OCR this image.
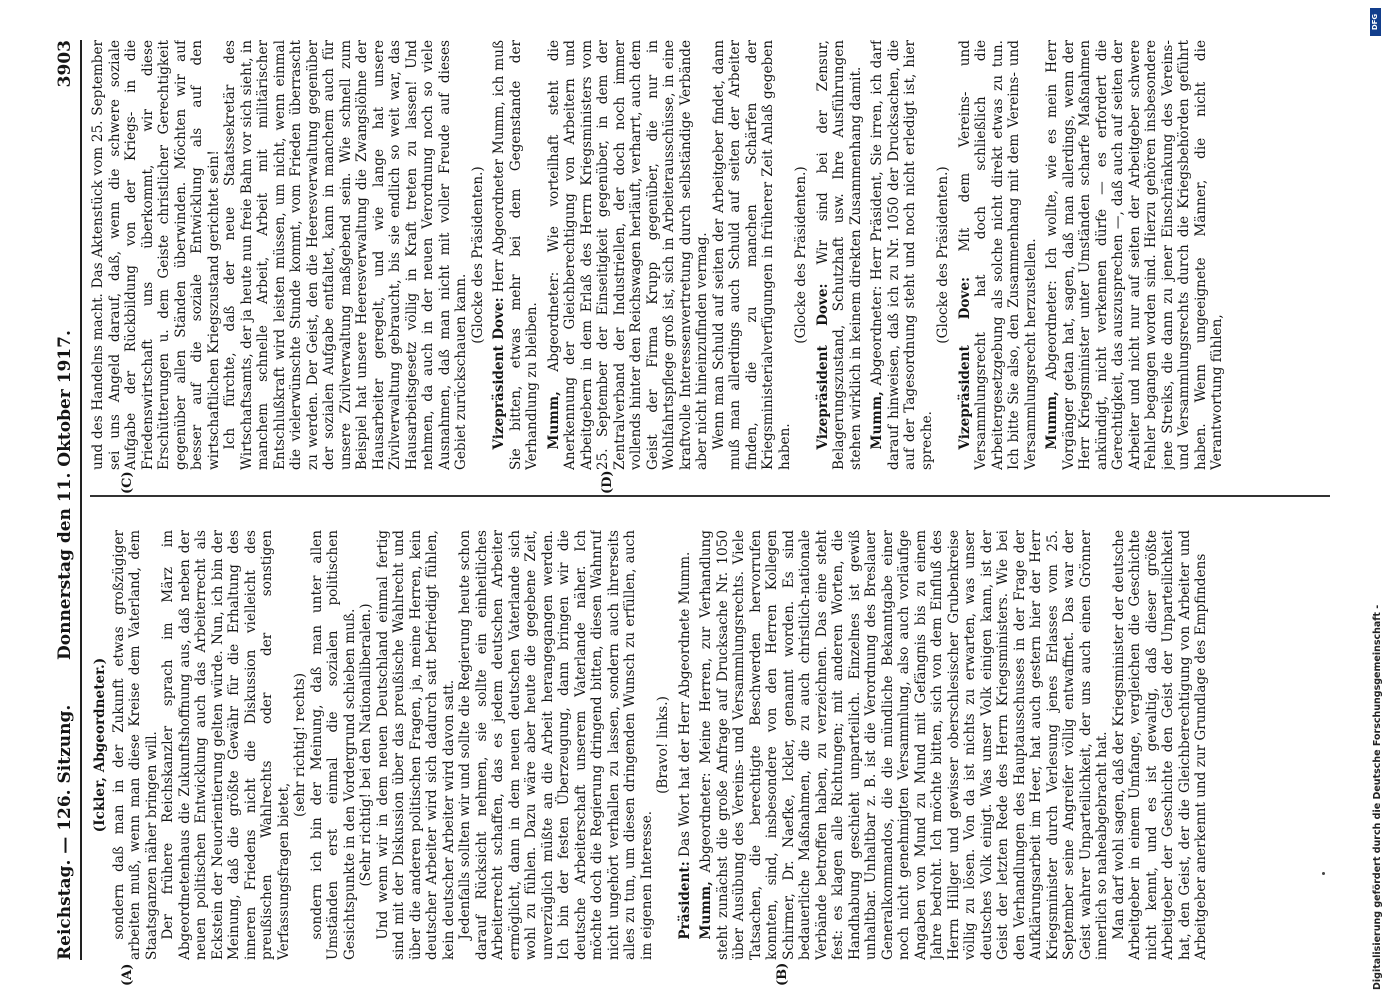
Reichstag. — 126. Sitzung.
Donnerstag den 11. Oktober 1917.
3903
(A)	(B)
(C)	(D)

(Ickler, Abgeordneter.) sondern daß man in der Zukunft etwas großzügiger arbeiten muß, wenn man diese Kreise dem Vaterland, dem Staatsganzen näher bringen will. Der frühere Reichskanzler sprach im März im Abgeordnetenhaus die Zukunftshoffnung aus, daß neben der neuen politischen Entwicklung auch das Arbeiterrecht als Eckstein der Neuorientierung gelten würde. Nun, ich bin der Meinung, daß die größte Gewähr für die Erhaltung des inneren Friedens nicht die Diskussion vielleicht des preußischen Wahlrechts oder der sonstigen Verfassungsfragen bietet,

(sehr richtig! rechts) sondern ich bin der Meinung, daß man unter allen Umständen erst einmal die sozialen politischen Gesichtspunkte in den Vordergrund schieben muß. (Sehr richtig! bei den Nationalliberalen.) Und wenn wir in dem neuen Deutschland einmal fertig sind mit der Diskussion über das preußische Wahlrecht und über die anderen politischen Fragen, ja, meine Herren, kein deutscher Arbeiter wird sich dadurch satt befriedigt fühlen, kein deutscher Arbeiter wird davon satt. Jedenfalls sollten wir und sollte die Regierung heute schon darauf Rücksicht nehmen, sie sollte ein einheitliches Arbeiterrecht schaffen, das es jedem deutschen Arbeiter ermöglicht, dann in dem neuen deutschen Vaterlande sich wohl zu fühlen. Dazu wäre aber heute die gegebene Zeit, unverzüglich müßte an die Arbeit herangegangen werden. Ich bin der festen Überzeugung, dann bringen wir die deutsche Arbeiterschaft unserem Vaterlande näher. Ich möchte doch die Regierung dringend bitten, diesen Wahnruf nicht ungehört verhallen zu lassen, sondern auch ihrerseits alles zu tun, um diesen dringenden Wunsch zu erfüllen, auch im eigenen Interesse.

(Bravo! links.)

Präsident: Das Wort hat der Herr Abgeordnete Mumm.

Mumm, Abgeordneter: Meine Herren, zur Verhandlung steht zunächst die große Anfrage auf Drucksache Nr. 1050 über Ausübung des Vereins- und Versammlungsrechts. Viele Tatsachen, die berechtigte Beschwerden hervorrufen konnten, sind, insbesondere von den Herren Kollegen Schirmer, Dr. Naefke, Ickler, genannt worden. Es sind bedauerliche Maßnahmen, die zu auch christlich-nationale Verbände betroffen haben, zu verzeichnen. Das eine steht fest: es klagen alle Richtungen; mit anderen Worten, die Handhabung geschieht unparteilich. Einzelnes ist gewiß unhaltbar. Unhaltbar z. B. ist die Verordnung des Breslauer Generalkommandos, die die mündliche Bekanntgabe einer noch nicht genehmigten Versammlung, also auch vorläufige Angaben von Mund zu Mund mit Gefängnis bis zu einem Jahre bedroht. Ich möchte bitten, sich von dem Einfluß des Herrn Hillger und gewisser oberschlesischer Grubenkreise völlig zu lösen. Von da ist nichts zu erwarten, was unser deutsches Volk einigt. Was unser Volk einigen kann, ist der Geist der letzten Rede des Herrn Kriegsministers. Wie bei den Verhandlungen des Hauptausschusses in der Frage der Aufklärungsarbeit im Heer, hat auch gestern hier der Herr Kriegsminister durch Verlesung jenes Erlasses vom 25. September seine Angreifer völlig entwaffnet. Das war der Geist wahrer Unparteilichkeit, der uns auch einen Grönner innerlich so naheabgebracht hat. Man darf wohl sagen, daß der Kriegsminister der deutsche Arbeitgeber in einem Umfange, vergleichen die Geschichte nicht kennt, und es ist gewaltig, daß dieser größte Arbeitgeber der Geschichte den Geist der Unparteilichkeit hat, den Geist, der die Gleichberechtigung von Arbeiter und Arbeitgeber anerkennt und zur Grundlage des Empfindens

und des Handelns macht. Das Aktenstück vom 25. September sei uns Angeld darauf, daß, wenn die schwere soziale Aufgabe der Rückbildung von der Kriegs- in die Friedenswirtschaft uns überkommt, wir diese Erschütterungen u. dem Geiste christlicher Gerechtigkeit gegenüber allen Ständen überwinden. Möchten wir auf besser auf die soziale Entwicklung als auf den wirtschaftlichen Kriegszustand gerichtet sein! Ich fürchte, daß der neue Staatssekretär des Wirtschaftsamts, der ja heute nun freie Bahn vor sich sieht, in manchem schnelle Arbeit, Arbeit mit militärischer Entschlußkraft wird leisten müssen, um nicht, wenn einmal die vielerwünschte Stunde kommt, vom Frieden überrascht zu werden. Der Geist, den die Heeresverwaltung gegenüber der sozialen Aufgabe entfaltet, kann in manchem auch für unsere Zivilverwaltung maßgebend sein. Wie schnell zum Beispiel hat unsere Heeresverwaltung die Zwangslöhne der Hausarbeiter geregelt, und wie lange hat unsere Zivilverwaltung gebraucht, bis sie endlich so weit war, das Hausarbeitsgesetz völlig in Kraft treten zu lassen! Und nehmen, da auch in der neuen Verordnung noch so viele Ausnahmen, daß man nicht mit voller Freude auf dieses Gebiet zurückschauen kann.

(Glocke des Präsidenten.)

Vizepräsident Dove: Herr Abgeordneter Mumm, ich muß Sie bitten, etwas mehr bei dem Gegenstande der Verhandlung zu bleiben. Mumm, Abgeordneter: Wie vorteilhaft steht die Anerkennung der Gleichberechtigung von Arbeitern und Arbeitgebern in dem Erlaß des Herrn Kriegsministers vom 25. September der Einseitigkeit gegenüber, in dem der Zentralverband der Industriellen, der doch noch immer vollends hinter den Reichswagen herläuft, verharrt, auch dem Geist der Firma Krupp gegenüber, die nur in Wohlfahrtspflege groß ist, sich in Arbeiterausschüsse, in eine kraftvolle Interessenvertretung durch selbständige Verbände aber nicht hineinzufinden vermag. Wenn man Schuld auf seiten der Arbeitgeber findet, dann muß man allerdings auch Schuld auf seiten der Arbeiter finden, die zu manchen Schärfen der Kriegsministerialverfügungen in früherer Zeit Anlaß gegeben haben.

(Glocke des Präsidenten.)

Vizepräsident Dove: Wir sind bei der Zensur, Belagerungszustand, Schutzhaft usw. Ihre Ausführungen stehen wirklich in keinem direkten Zusammenhang damit. Mumm, Abgeordneter: Herr Präsident, Sie irren, ich darf darauf hinweisen, daß ich zu Nr. 1050 der Drucksachen, die auf der Tagesordnung steht und noch nicht erledigt ist, hier spreche.

(Glocke des Präsidenten.)

Vizepräsident Dove: Mit dem Vereins- und Versammlungsrecht hat doch schließlich die Arbeitergesetzgebung als solche nicht direkt etwas zu tun. Ich bitte Sie also, den Zusammenhang mit dem Vereins- und Versammlungsrecht herzustellen. Mumm, Abgeordneter: Ich wollte, wie es mein Herr Vorgänger getan hat, sagen, daß man allerdings, wenn der Herr Kriegsminister unter Umständen scharfe Maßnahmen ankündigt, nicht verkennen dürfe — es erfordert die Gerechtigkeit, das auszusprechen —, daß auch auf seiten der Arbeiter und nicht nur auf seiten der Arbeitgeber schwere Fehler begangen worden sind. Hierzu gehören insbesondere jene Streiks, die dann zu jener Einschränkung des Vereins- und Versammlungsrechts durch die Kriegsbehörden geführt haben. Wenn ungeeignete Männer, die nicht die Verantwortung fühlen,

Digitalisierung gefördert durch die Deutsche Forschungsgemeinschaft -
DFG
